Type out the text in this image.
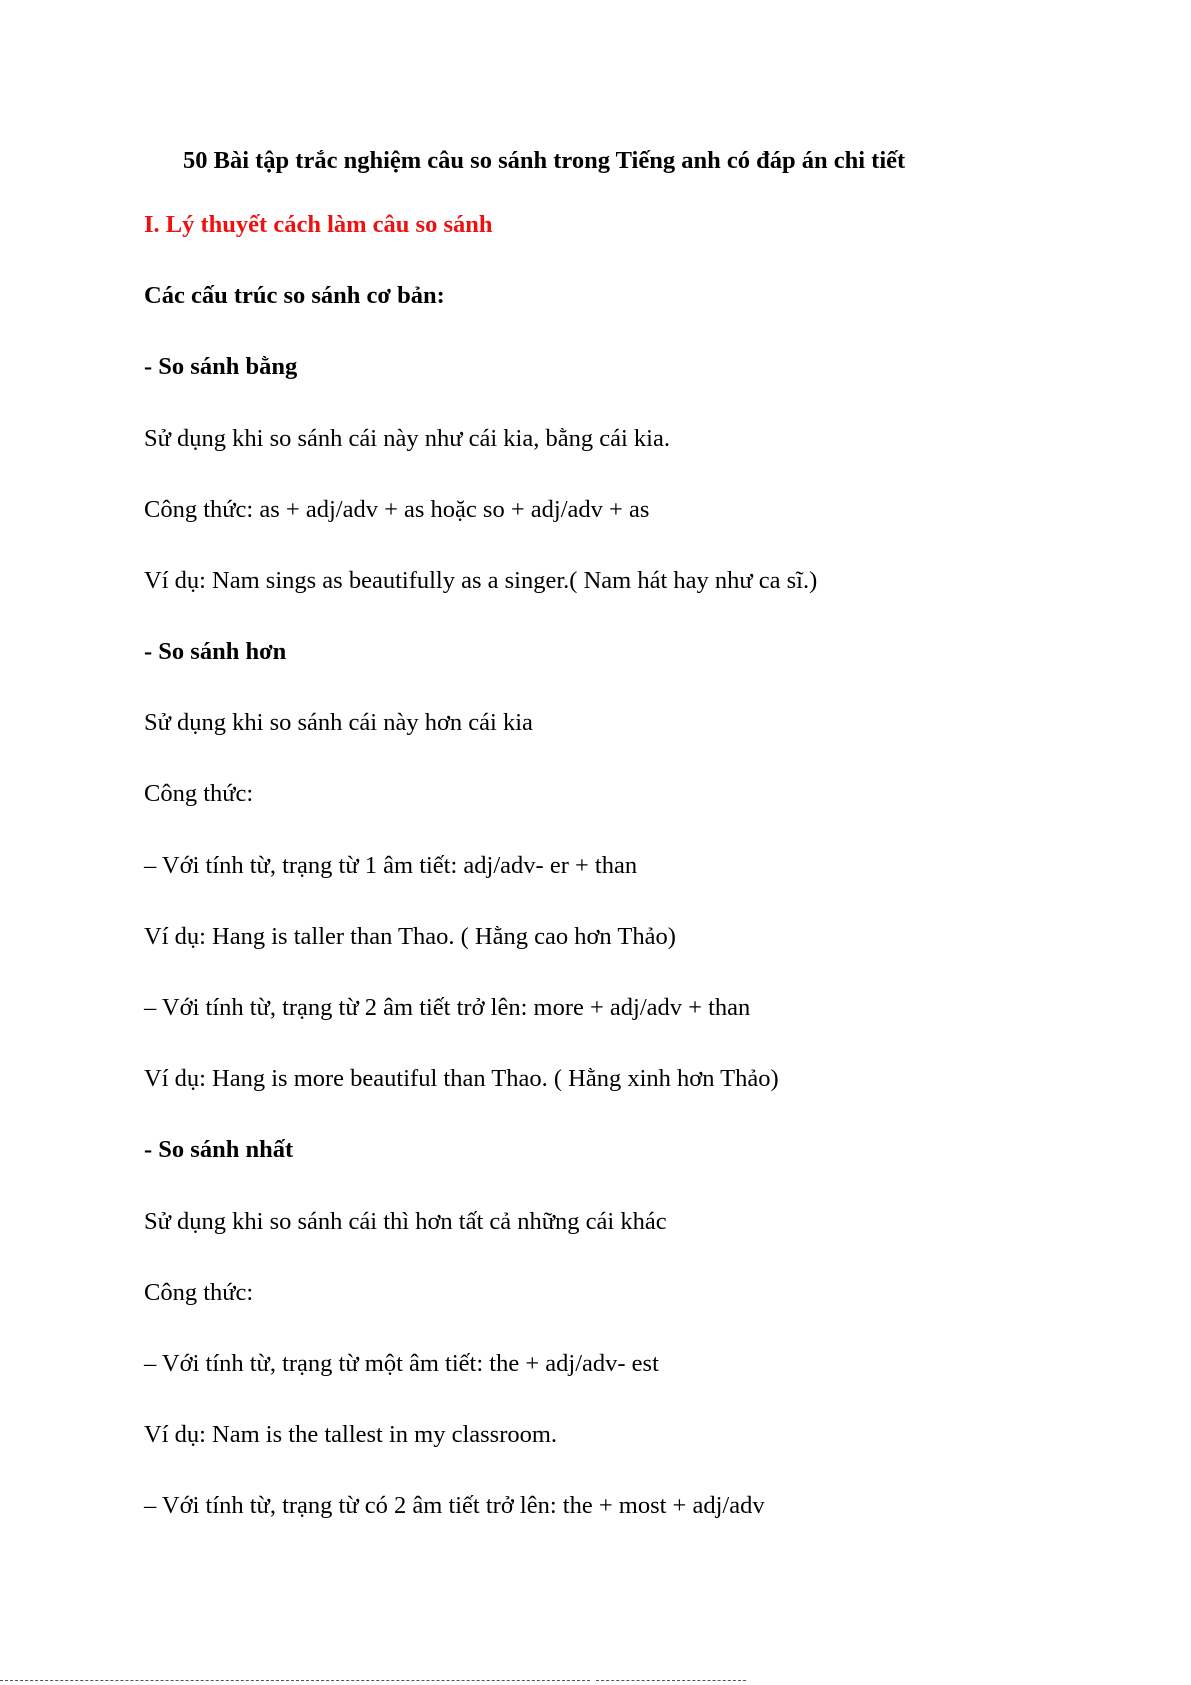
50 Bài tập trắc nghiệm câu so sánh trong Tiếng anh có đáp án chi tiết
I. Lý thuyết cách làm câu so sánh
Các cấu trúc so sánh cơ bản:
- So sánh bằng
Sử dụng khi so sánh cái này như cái kia, bằng cái kia.
Công thức: as + adj/adv + as hoặc so + adj/adv + as
Ví dụ: Nam sings as beautifully as a singer.( Nam hát hay như ca sĩ.)
- So sánh hơn
Sử dụng khi so sánh cái này hơn cái kia
Công thức:
– Với tính từ, trạng từ 1 âm tiết: adj/adv- er + than
Ví dụ: Hang is taller than Thao. ( Hằng cao hơn Thảo)
– Với tính từ, trạng từ 2 âm tiết trở lên: more + adj/adv + than
Ví dụ: Hang is more beautiful than Thao. ( Hằng xinh hơn Thảo)
- So sánh nhất
Sử dụng khi so sánh cái thì hơn tất cả những cái khác
Công thức:
– Với tính từ, trạng từ một âm tiết: the + adj/adv- est
Ví dụ: Nam is the tallest in my classroom.
– Với tính từ, trạng từ có 2 âm tiết trở lên: the + most + adj/adv
